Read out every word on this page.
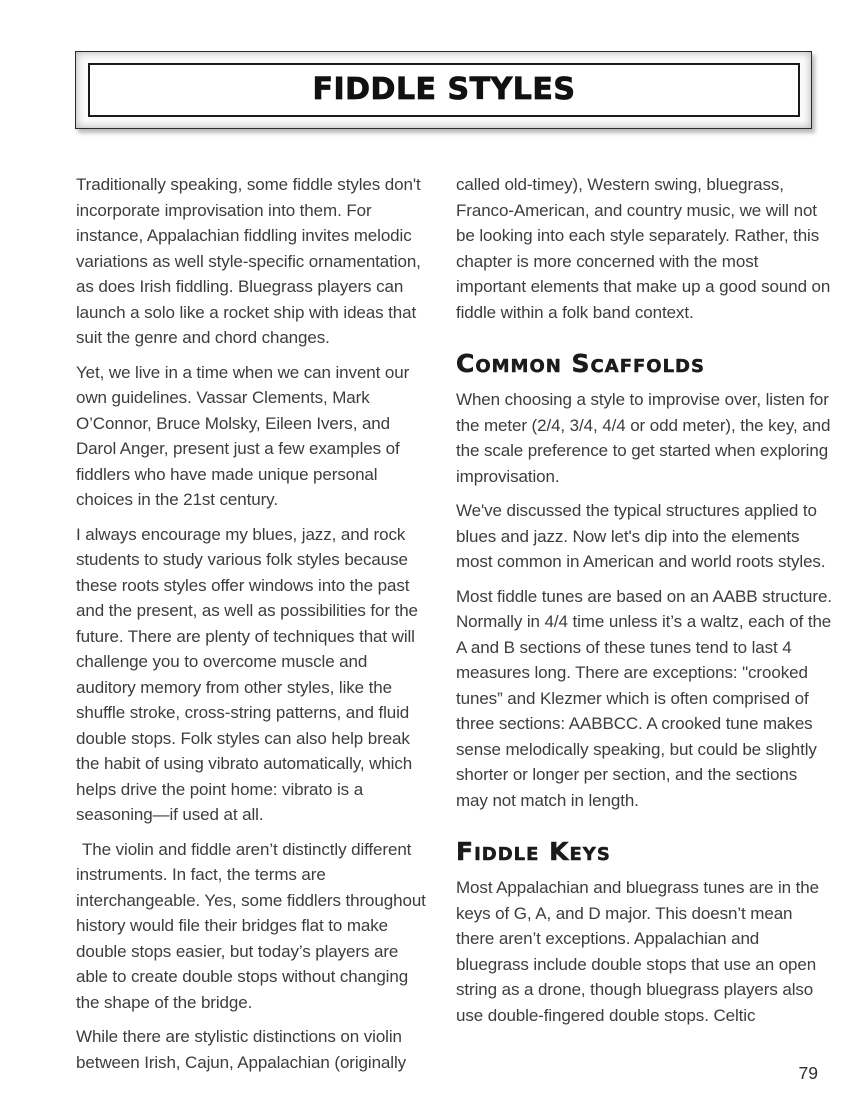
FIDDLE STYLES

Traditionally speaking, some fiddle styles don't incorporate improvisation into them. For instance, Appalachian fiddling invites melodic variations as well style-specific ornamentation, as does Irish fiddling. Bluegrass players can launch a solo like a rocket ship with ideas that suit the genre and chord changes.

Yet, we live in a time when we can invent our own guidelines. Vassar Clements, Mark O’Connor, Bruce Molsky, Eileen Ivers, and Darol Anger, present just a few examples of fiddlers who have made unique personal choices in the 21st century.

I always encourage my blues, jazz, and rock students to study various folk styles because these roots styles offer windows into the past and the present, as well as possibilities for the future. There are plenty of techniques that will challenge you to overcome muscle and auditory memory from other styles, like the shuffle stroke, cross-string patterns, and fluid double stops. Folk styles can also help break the habit of using vibrato automatically, which helps drive the point home: vibrato is a seasoning—if used at all.

The violin and fiddle aren’t distinctly different instruments. In fact, the terms are interchangeable. Yes, some fiddlers throughout history would file their bridges flat to make double stops easier, but today’s players are able to create double stops without changing the shape of the bridge.

While there are stylistic distinctions on violin between Irish, Cajun, Appalachian (originally

called old-timey), Western swing, bluegrass, Franco-American, and country music, we will not be looking into each style separately. Rather, this chapter is more concerned with the most important elements that make up a good sound on fiddle within a folk band context.

Common Scaffolds

When choosing a style to improvise over, listen for the meter (2/4, 3/4, 4/4 or odd meter), the key, and the scale preference to get started when exploring improvisation.

We've discussed the typical structures applied to blues and jazz. Now let's dip into the elements most common in American and world roots styles.

Most fiddle tunes are based on an AABB structure. Normally in 4/4 time unless it’s a waltz, each of the A and B sections of these tunes tend to last 4 measures long. There are exceptions: "crooked tunes” and Klezmer which is often comprised of three sections: AABBCC. A crooked tune makes sense melodically speaking, but could be slightly shorter or longer per section, and the sections may not match in length.

Fiddle Keys

Most Appalachian and bluegrass tunes are in the keys of G, A, and D major. This doesn’t mean there aren’t exceptions. Appalachian and bluegrass include double stops that use an open string as a drone, though bluegrass players also use double-fingered double stops. Celtic

79
